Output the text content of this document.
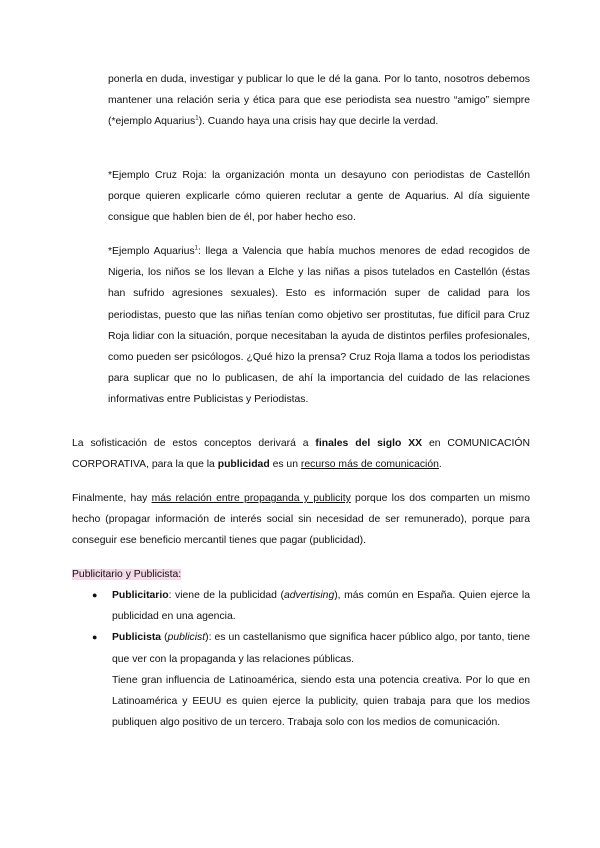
ponerla en duda, investigar y publicar lo que le dé la gana. Por lo tanto, nosotros debemos mantener una relación seria y ética para que ese periodista sea nuestro “amigo” siempre (*ejemplo Aquarius$^1$). Cuando haya una crisis hay que decirle la verdad.

*Ejemplo Cruz Roja: la organización monta un desayuno con periodistas de Castellón porque quieren explicarle cómo quieren reclutar a gente de Aquarius. Al día siguiente consigue que hablen bien de él, por haber hecho eso.

*Ejemplo Aquarius$^1$: llega a Valencia que había muchos menores de edad recogidos de Nigeria, los niños se los llevan a Elche y las niñas a pisos tutelados en Castellón (éstas han sufrido agresiones sexuales). Esto es información super de calidad para los periodistas, puesto que las niñas tenían como objetivo ser prostitutas, fue difícil para Cruz Roja lidiar con la situación, porque necesitaban la ayuda de distintos perfiles profesionales, como pueden ser psicólogos. ¿Qué hizo la prensa? Cruz Roja llama a todos los periodistas para suplicar que no lo publicasen, de ahí la importancia del cuidado de las relaciones informativas entre Publicistas y Periodistas.

La sofisticación de estos conceptos derivará a finales del siglo XX en COMUNICACIÓN CORPORATIVA, para la que la publicidad es un recurso más de comunicación.

Finalmente, hay más relación entre propaganda y publicity porque los dos comparten un mismo hecho (propagar información de interés social sin necesidad de ser remunerado), porque para conseguir ese beneficio mercantil tienes que pagar (publicidad).

Publicitario y Publicista:
● Publicitario: viene de la publicidad (advertising), más común en España. Quien ejerce la publicidad en una agencia.
● Publicista (publicist): es un castellanismo que significa hacer público algo, por tanto, tiene que ver con la propaganda y las relaciones públicas.

Tiene gran influencia de Latinoamérica, siendo esta una potencia creativa. Por lo que en Latinoamérica y EEUU es quien ejerce la publicity, quien trabaja para que los medios publiquen algo positivo de un tercero. Trabaja solo con los medios de comunicación.
